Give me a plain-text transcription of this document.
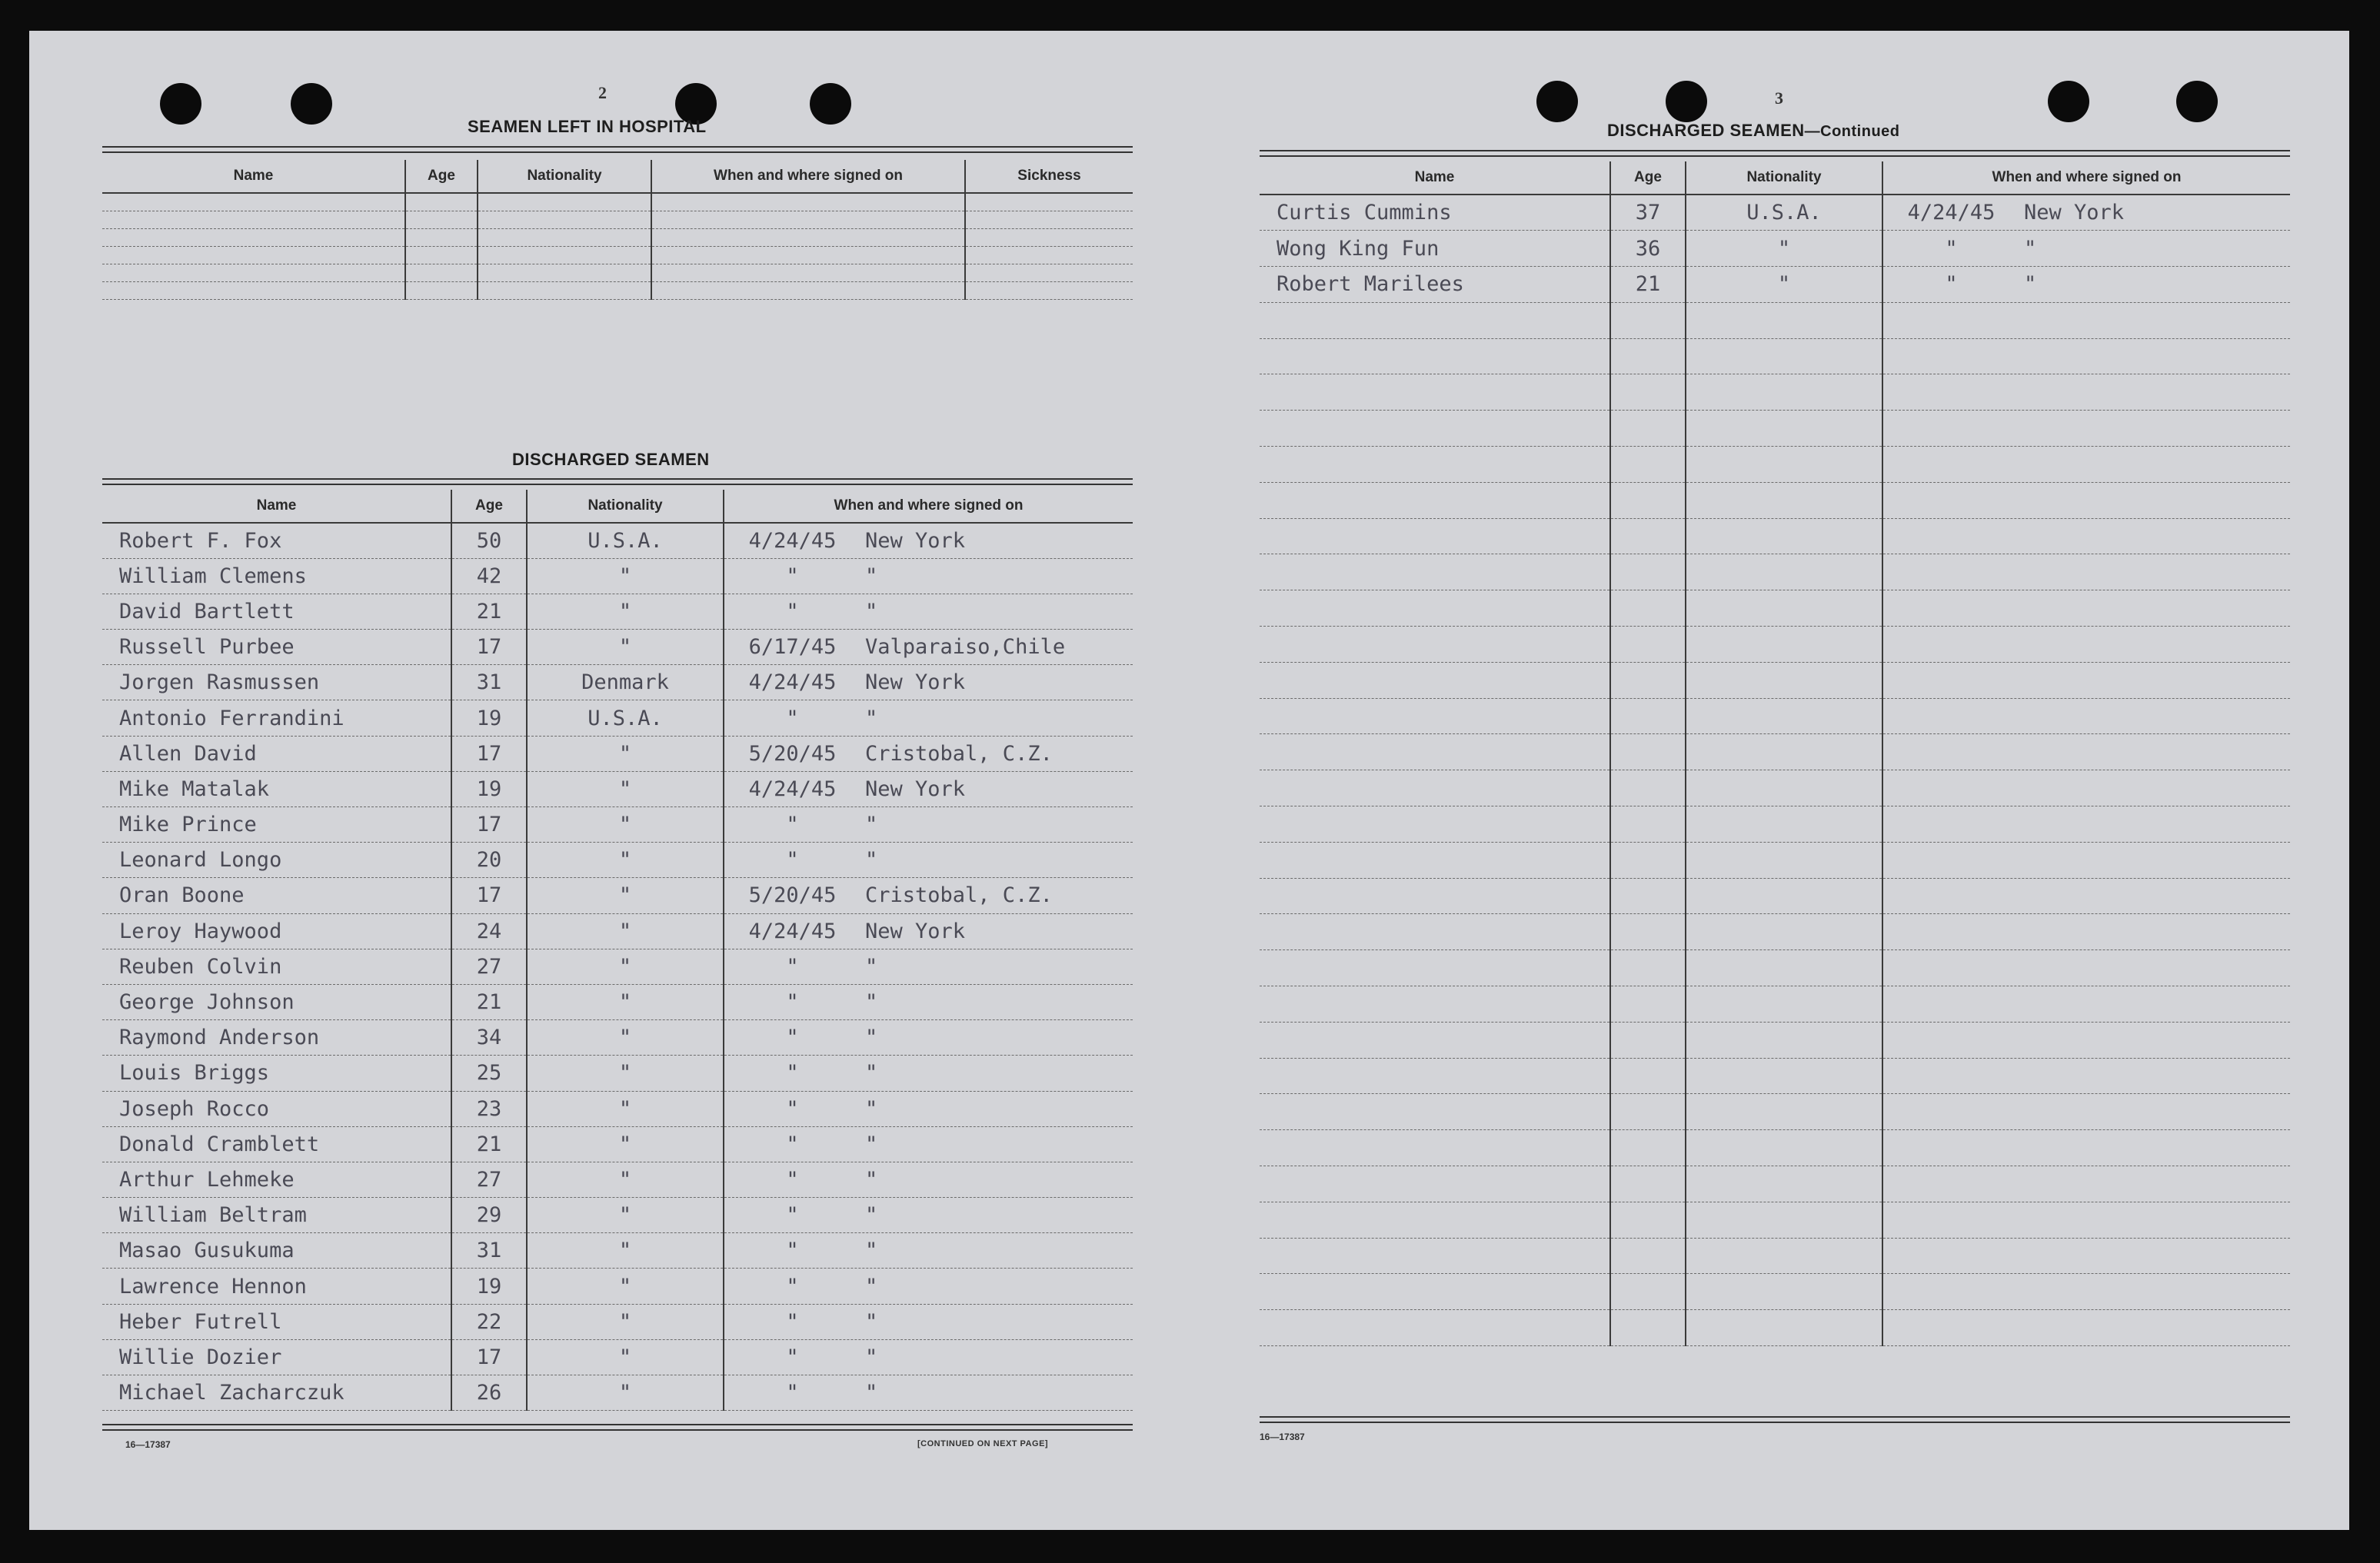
2
SEAMEN LEFT IN HOSPITAL
Name	Age	Nationality	When and where signed on	Sickness

DISCHARGED SEAMEN
Name	Age	Nationality	When and where signed on
Robert F. Fox	50	U.S.A.	4/24/45 New York
William Clemens	42	"	" "
David Bartlett	21	"	" "
Russell Purbee	17	"	6/17/45 Valparaiso,Chile
Jorgen Rasmussen	31	Denmark	4/24/45 New York
Antonio Ferrandini	19	U.S.A.	" "
Allen David	17	"	5/20/45 Cristobal, C.Z.
Mike Matalak	19	"	4/24/45 New York
Mike Prince	17	"	" "
Leonard Longo	20	"	" "
Oran Boone	17	"	5/20/45 Cristobal, C.Z.
Leroy Haywood	24	"	4/24/45 New York
Reuben Colvin	27	"	" "
George Johnson	21	"	" "
Raymond Anderson	34	"	" "
Louis Briggs	25	"	" "
Joseph Rocco	23	"	" "
Donald Cramblett	21	"	" "
Arthur Lehmeke	27	"	" "
William Beltram	29	"	" "
Masao Gusukuma	31	"	" "
Lawrence Hennon	19	"	" "
Heber Futrell	22	"	" "
Willie Dozier	17	"	" "
Michael Zacharczuk	26	"	" "
16—17387	[CONTINUED ON NEXT PAGE]
3
DISCHARGED SEAMEN—Continued
Name	Age	Nationality	When and where signed on
Curtis Cummins	37	U.S.A.	4/24/45 New York
Wong King Fun	36	"	" "
Robert Marilees	21	"	" "

16—17387
